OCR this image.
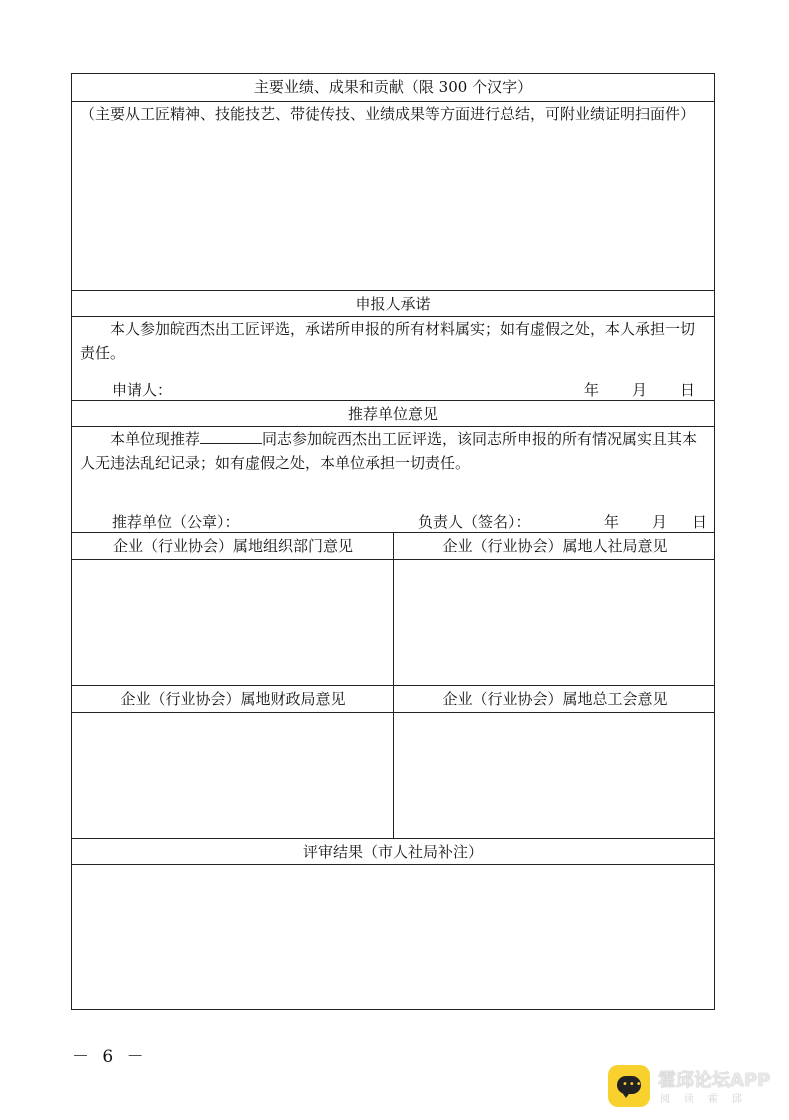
主要业绩、成果和贡献（限 300 个汉字）
（主要从工匠精神、技能技艺、带徒传技、业绩成果等方面进行总结，可附业绩证明扫面件）
申报人承诺
本人参加皖西杰出工匠评选，承诺所申报的所有材料属实；如有虚假之处，本人承担一切责任。
申请人：	年 月 日
推荐单位意见
本单位现推荐	同志参加皖西杰出工匠评选，该同志所申报的所有情况属实且其本人无违法乱纪记录；如有虚假之处，本单位承担一切责任。
推荐单位（公章）：	负责人（签名）：	年 月 日
企业（行业协会）属地组织部门意见	企业（行业协会）属地人社局意见
企业（行业协会）属地财政局意见	企业（行业协会）属地总工会意见
评审结果（市人社局补注）
－ 6 －
••• 霍邱论坛APP
阅读霍邱
